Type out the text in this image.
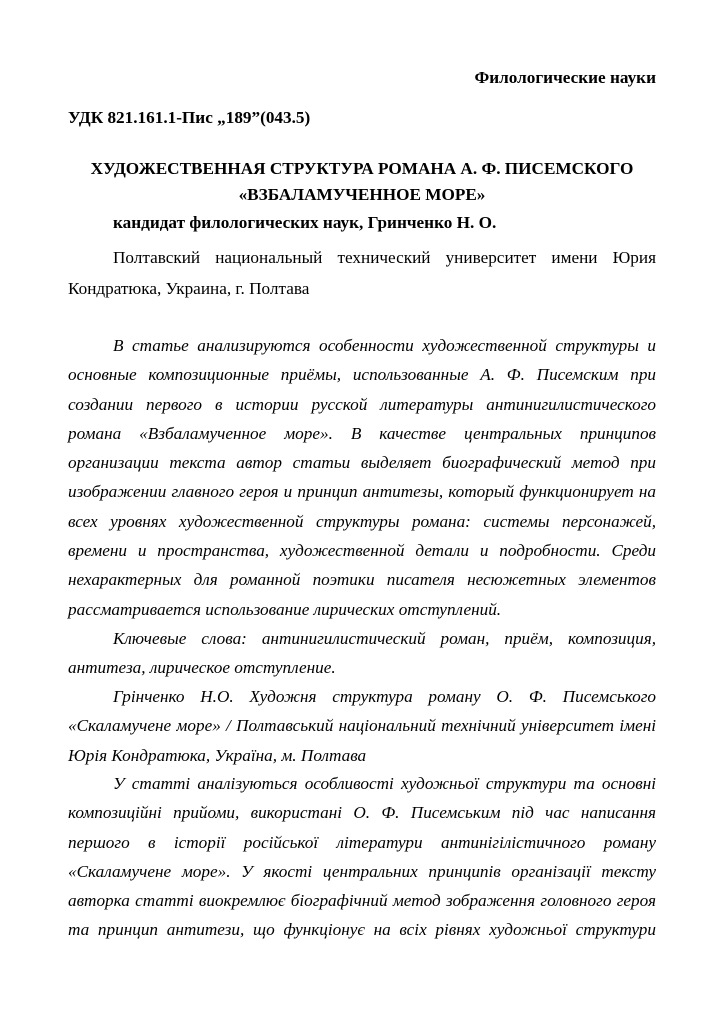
Филологические науки
УДК 821.161.1-Пис „189”(043.5)
ХУДОЖЕСТВЕННАЯ СТРУКТУРА РОМАНА А. Ф. ПИСЕМСКОГО
«ВЗБАЛАМУЧЕННОЕ МОРЕ»
кандидат филологических наук, Гринченко Н. О.
Полтавский национальный технический университет имени Юрия
Кондратюка, Украина, г. Полтава
В статье анализируются особенности художественной структуры и
основные композиционные приёмы, использованные А. Ф. Писемским при
создании первого в истории русской литературы антинигилистического
романа «Взбаламученное море». В качестве центральных принципов
организации текста автор статьи выделяет биографический метод при
изображении главного героя и принцип антитезы, который функционирует на
всех уровнях художественной структуры романа: системы персонажей,
времени и пространства, художественной детали и подробности. Среди
нехарактерных для романной поэтики писателя несюжетных элементов
рассматривается использование лирических отступлений.
Ключевые слова: антинигилистический роман, приём, композиция,
антитеза, лирическое отступление.
Грінченко Н.О. Художня структура роману О. Ф. Писемського
«Скаламучене море» / Полтавський національний технічний університет імені
Юрія Кондратюка, Україна, м. Полтава
У статті аналізуються особливості художньої структури та основні
композиційні прийоми, використані О. Ф. Писемським під час написання
першого в історії російської літератури антинігілістичного роману
«Скаламучене море». У якості центральних принципів організації тексту
авторка статті виокремлює біографічний метод зображення головного героя
та принцип антитези, що функціонує на всіх рівнях художньої структури
